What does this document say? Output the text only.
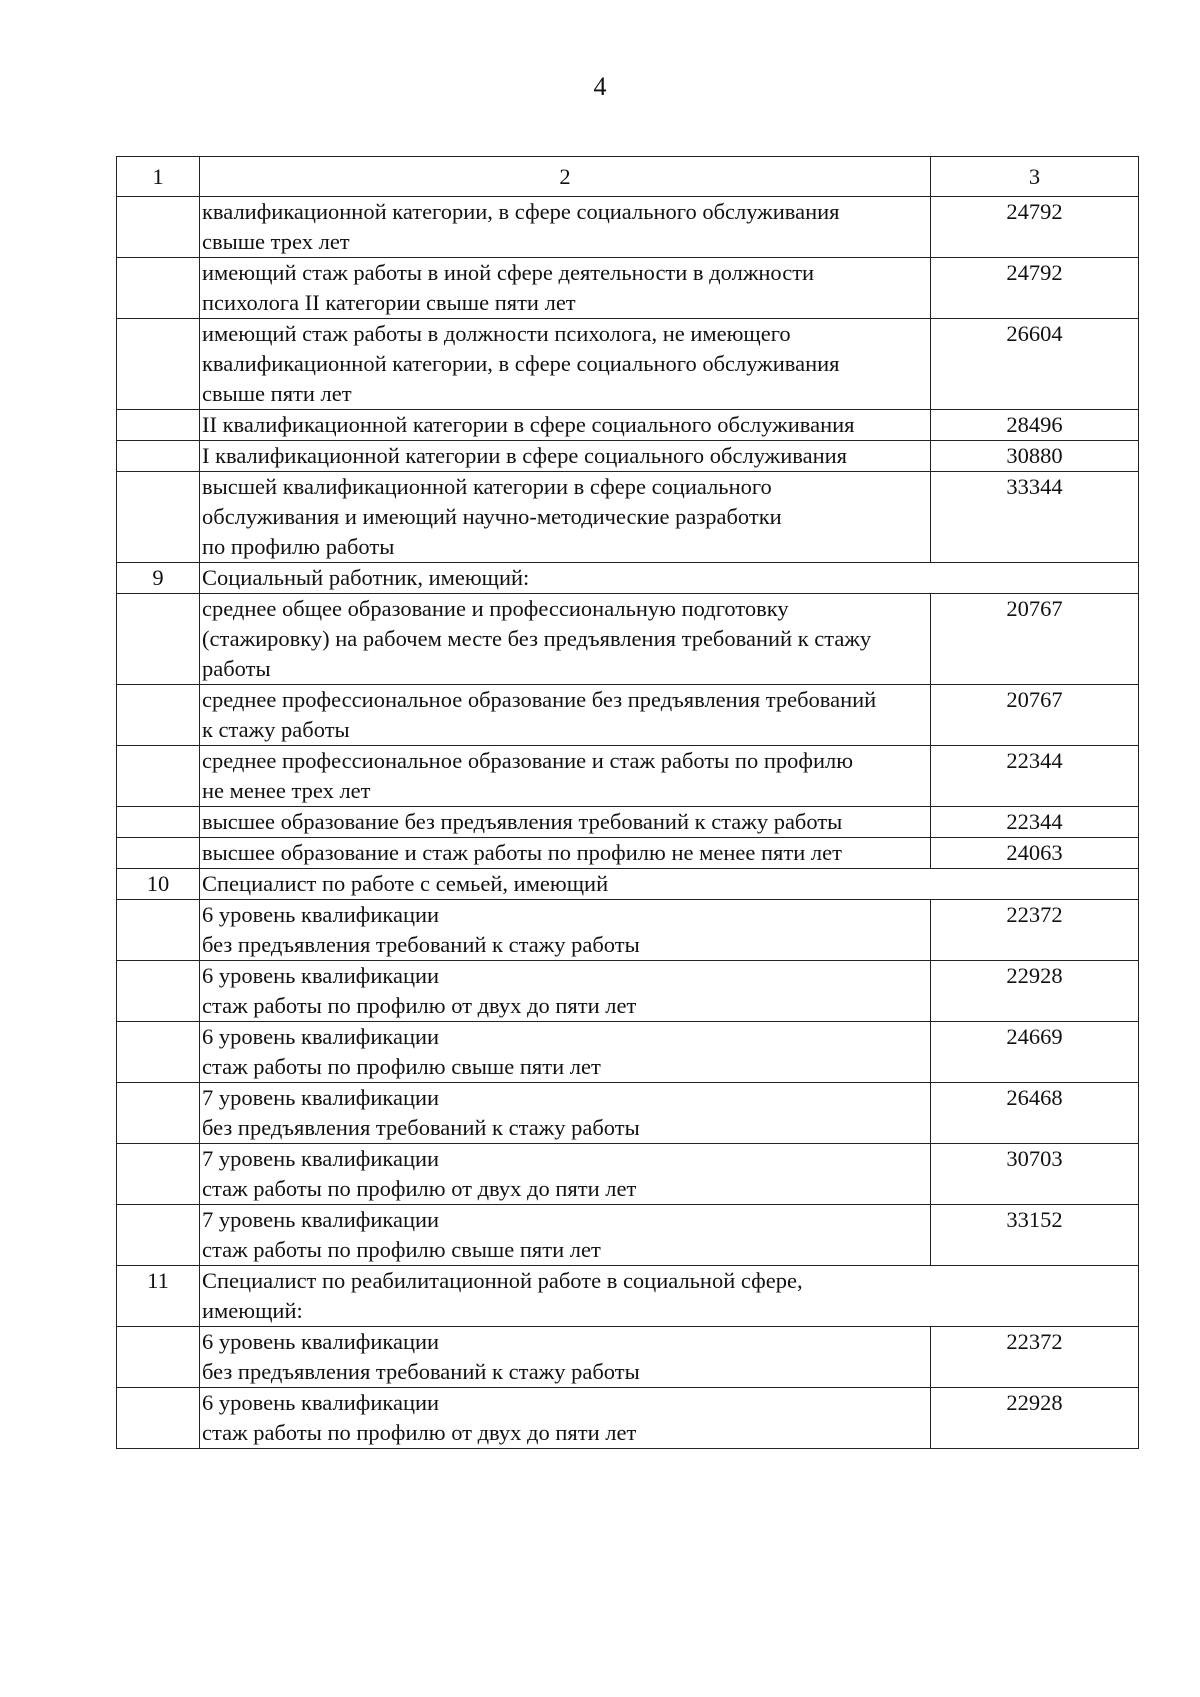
4
1	2	3

	квалификационной категории, в сфере социального обслуживания
свыше трех лет	24792

	имеющий стаж работы в иной сфере деятельности в должности
психолога II категории свыше пяти лет	24792

	имеющий стаж работы в должности психолога, не имеющего
квалификационной категории, в сфере социального обслуживания
свыше пяти лет	26604

	II квалификационной категории в сфере социального обслуживания	28496

	I квалификационной категории в сфере социального обслуживания	30880

	высшей квалификационной категории в сфере социального
обслуживания и имеющий научно-методические разработки
по профилю работы	33344
9	Социальный работник, имеющий:	

	среднее общее образование и профессиональную подготовку
(стажировку) на рабочем месте без предъявления требований к стажу
работы	20767

	среднее профессиональное образование без предъявления требований
к стажу работы	20767

	среднее профессиональное образование и стаж работы по профилю
не менее трех лет	22344

	высшее образование без предъявления требований к стажу работы	22344

	высшее образование и стаж работы по профилю не менее пяти лет	24063
10	Специалист по работе с семьей, имеющий	

	6 уровень квалификации
без предъявления требований к стажу работы	22372

	6 уровень квалификации
стаж работы по профилю от двух до пяти лет	22928

	6 уровень квалификации
стаж работы по профилю свыше пяти лет	24669

	7 уровень квалификации
без предъявления требований к стажу работы	26468

	7 уровень квалификации
стаж работы по профилю от двух до пяти лет	30703

	7 уровень квалификации
стаж работы по профилю свыше пяти лет	33152
11	Специалист по реабилитационной работе в социальной сфере,
имеющий:	

	6 уровень квалификации
без предъявления требований к стажу работы	22372

	6 уровень квалификации
стаж работы по профилю от двух до пяти лет	22928
